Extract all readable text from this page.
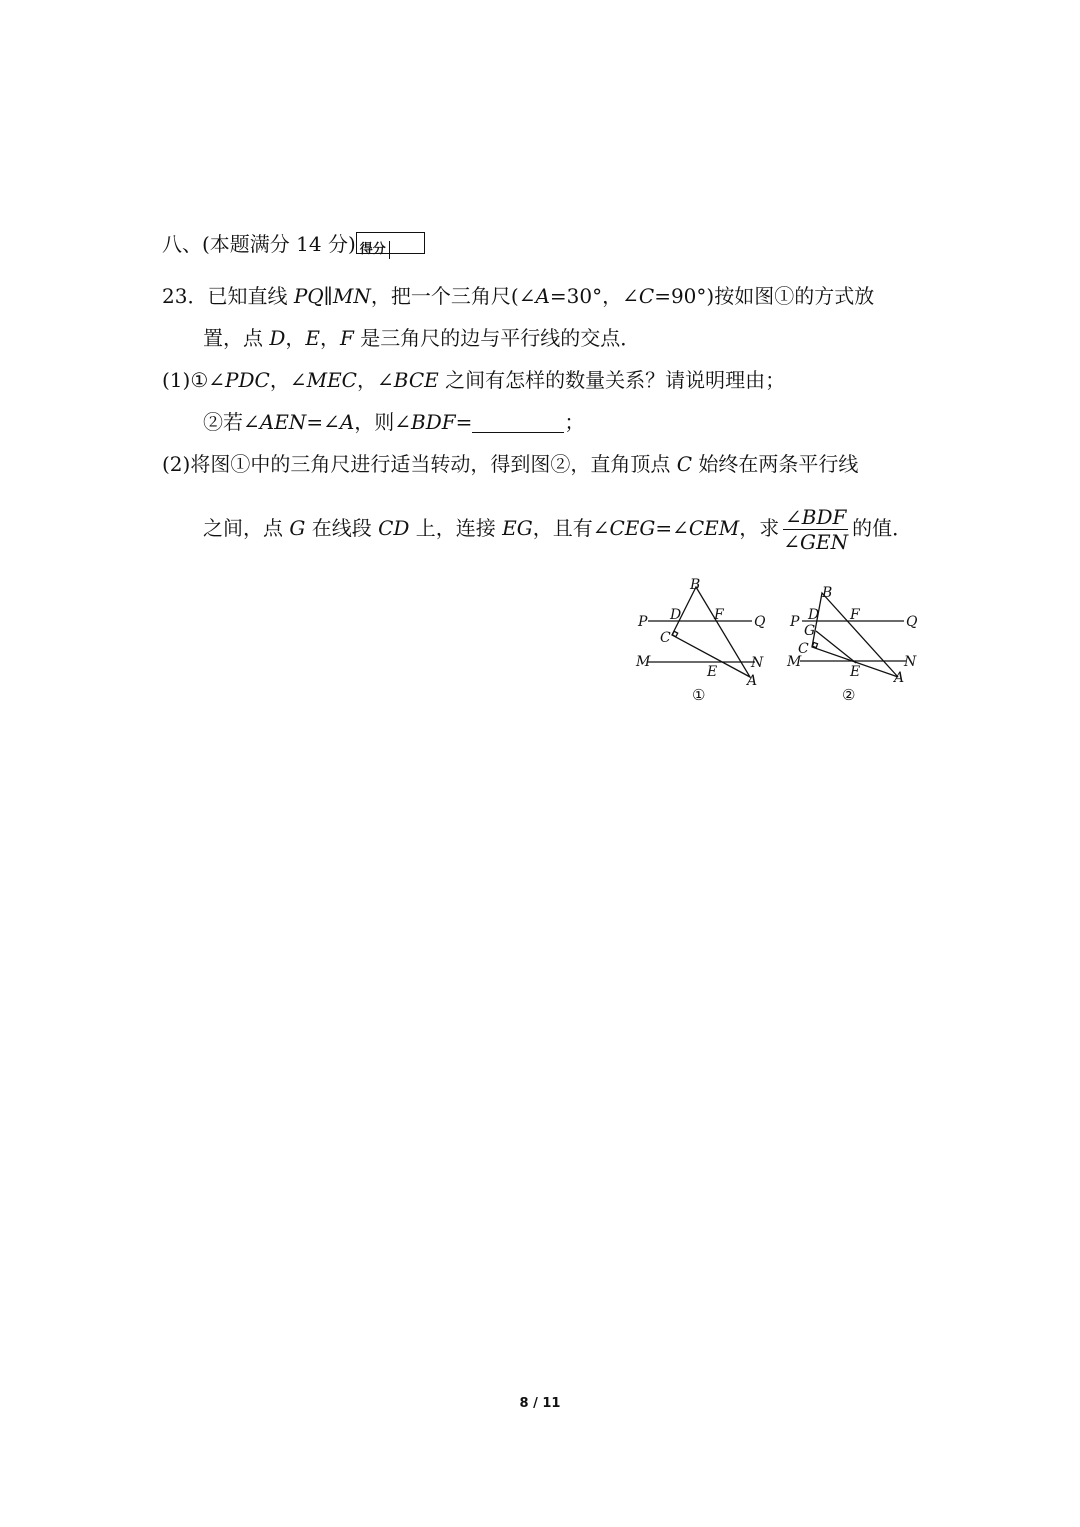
八、(本题满分 14 分) 得分
23．已知直线 PQ∥MN，把一个三角尺(∠A=30°，∠C=90°)按如图①的方式放
置，点 D，E，F 是三角尺的边与平行线的交点．
(1)①∠PDC，∠MEC，∠BCE 之间有怎样的数量关系？请说明理由；
②若∠AEN=∠A，则∠BDF=	；
(2)将图①中的三角尺进行适当转动，得到图②，直角顶点 C 始终在两条平行线
之间，点 G 在线段 CD 上，连接 EG，且有∠CEG=∠CEM，求 $\frac{\text{∠BDF}}{\text{∠GEN}}$ 的值．
B
P D F Q
C
M
E
N
A
①
B
P D F	Q
G
C
M
E
N
A
②
8 / 11
